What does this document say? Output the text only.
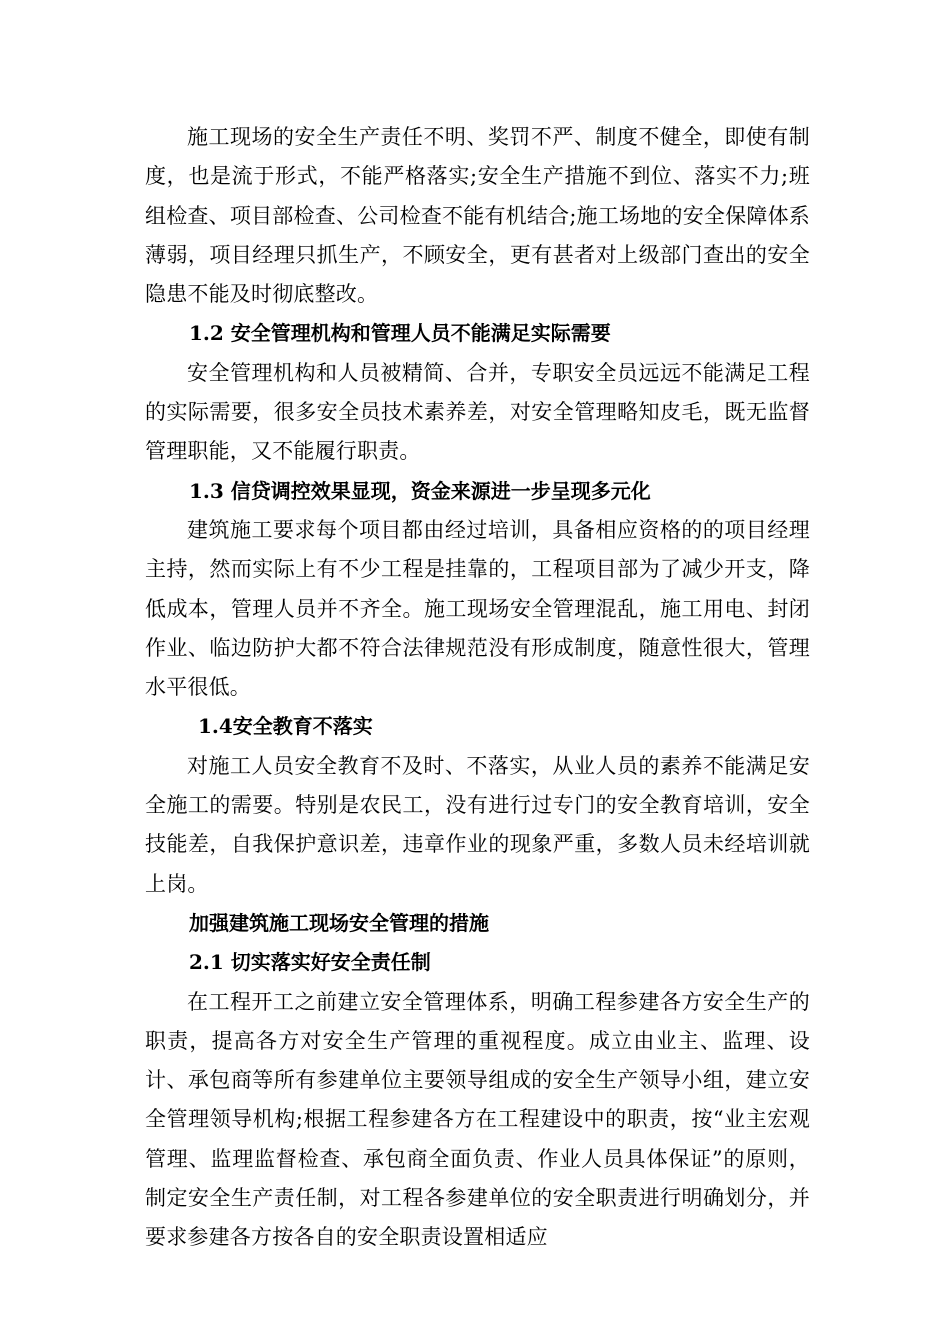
施工现场的安全生产责任不明、奖罚不严、制度不健全，即使有制度，也是流于形式，不能严格落实;安全生产措施不到位、落实不力;班组检查、项目部检查、公司检查不能有机结合;施工场地的安全保障体系薄弱，项目经理只抓生产，不顾安全，更有甚者对上级部门查出的安全隐患不能及时彻底整改。

1.2 安全管理机构和管理人员不能满足实际需要

安全管理机构和人员被精简、合并，专职安全员远远不能满足工程的实际需要，很多安全员技术素养差，对安全管理略知皮毛，既无监督管理职能，又不能履行职责。

1.3 信贷调控效果显现，资金来源进一步呈现多元化

建筑施工要求每个项目都由经过培训，具备相应资格的的项目经理主持，然而实际上有不少工程是挂靠的，工程项目部为了减少开支，降低成本，管理人员并不齐全。施工现场安全管理混乱，施工用电、封闭作业、临边防护大都不符合法律规范没有形成制度，随意性很大，管理水平很低。

1.4安全教育不落实

对施工人员安全教育不及时、不落实，从业人员的素养不能满足安全施工的需要。特别是农民工，没有进行过专门的安全教育培训，安全技能差，自我保护意识差，违章作业的现象严重，多数人员未经培训就上岗。

加强建筑施工现场安全管理的措施

2.1 切实落实好安全责任制

在工程开工之前建立安全管理体系，明确工程参建各方安全生产的职责，提高各方对安全生产管理的重视程度。成立由业主、监理、设计、承包商等所有参建单位主要领导组成的安全生产领导小组，建立安全管理领导机构;根据工程参建各方在工程建设中的职责，按“业主宏观管理、监理监督检查、承包商全面负责、作业人员具体保证”的原则，制定安全生产责任制，对工程各参建单位的安全职责进行明确划分，并要求参建各方按各自的安全职责设置相适应
